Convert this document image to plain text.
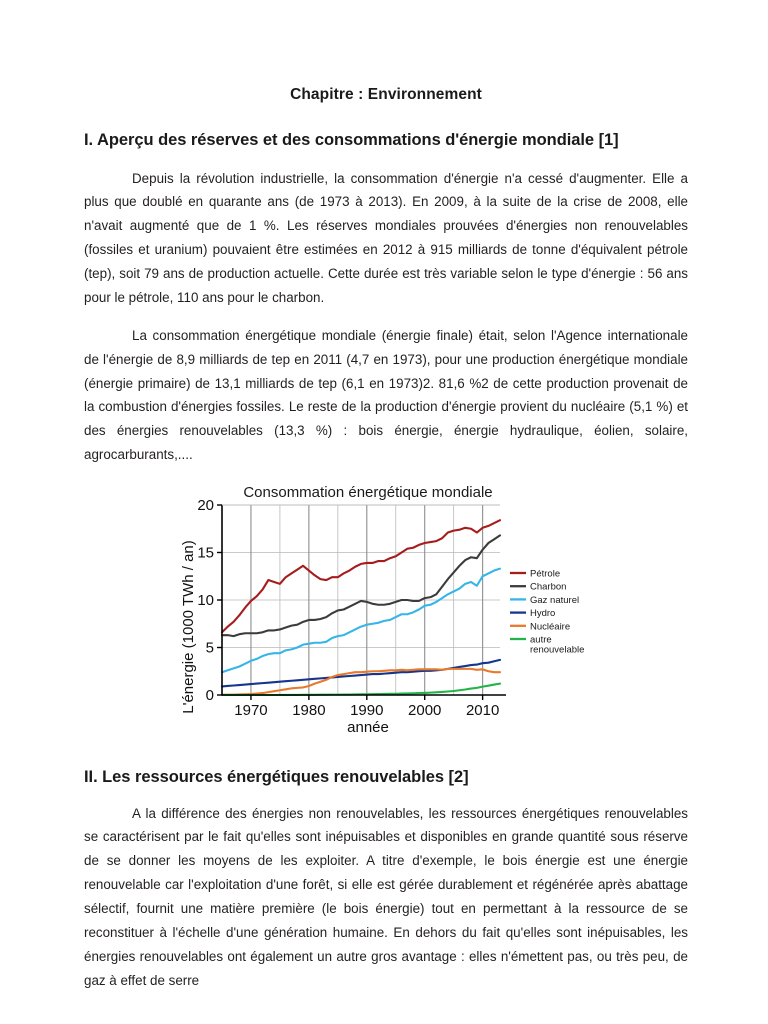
Chapitre : Environnement
I. Aperçu des réserves et des consommations d'énergie mondiale [1]

Depuis la révolution industrielle, la consommation d'énergie n'a cessé d'augmenter. Elle a plus que doublé en quarante ans (de 1973 à 2013). En 2009, à la suite de la crise de 2008, elle n'avait augmenté que de 1 %. Les réserves mondiales prouvées d'énergies non renouvelables (fossiles et uranium) pouvaient être estimées en 2012 à 915 milliards de tonne d'équivalent pétrole (tep), soit 79 ans de production actuelle. Cette durée est très variable selon le type d'énergie : 56 ans pour le pétrole, 110 ans pour le charbon.

La consommation énergétique mondiale (énergie finale) était, selon l'Agence internationale de l'énergie de 8,9 milliards de tep en 2011 (4,7 en 1973), pour une production énergétique mondiale (énergie primaire) de 13,1 milliards de tep (6,1 en 1973)2. 81,6 %2 de cette production provenait de la combustion d'énergies fossiles. Le reste de la production d'énergie provient du nucléaire (5,1 %) et des énergies renouvelables (13,3 %) : bois énergie, énergie hydraulique, éolien, solaire, agrocarburants,....

Consommation énergétique mondiale
0
5
10
15
20
1970 1980 1990 2000 2010
année
L'énergie (1000 TWh / an)	Pétrole
Charbon
Gaz naturel
Hydro
Nucléaire
autre
renouvelable
II. Les ressources énergétiques renouvelables [2]

A la différence des énergies non renouvelables, les ressources énergétiques renouvelables se caractérisent par le fait qu'elles sont inépuisables et disponibles en grande quantité sous réserve de se donner les moyens de les exploiter. A titre d'exemple, le bois énergie est une énergie renouvelable car l'exploitation d'une forêt, si elle est gérée durablement et régénérée après abattage sélectif, fournit une matière première (le bois énergie) tout en permettant à la ressource de se reconstituer à l'échelle d'une génération humaine. En dehors du fait qu'elles sont inépuisables, les énergies renouvelables ont également un autre gros avantage : elles n'émettent pas, ou très peu, de gaz à effet de serre
